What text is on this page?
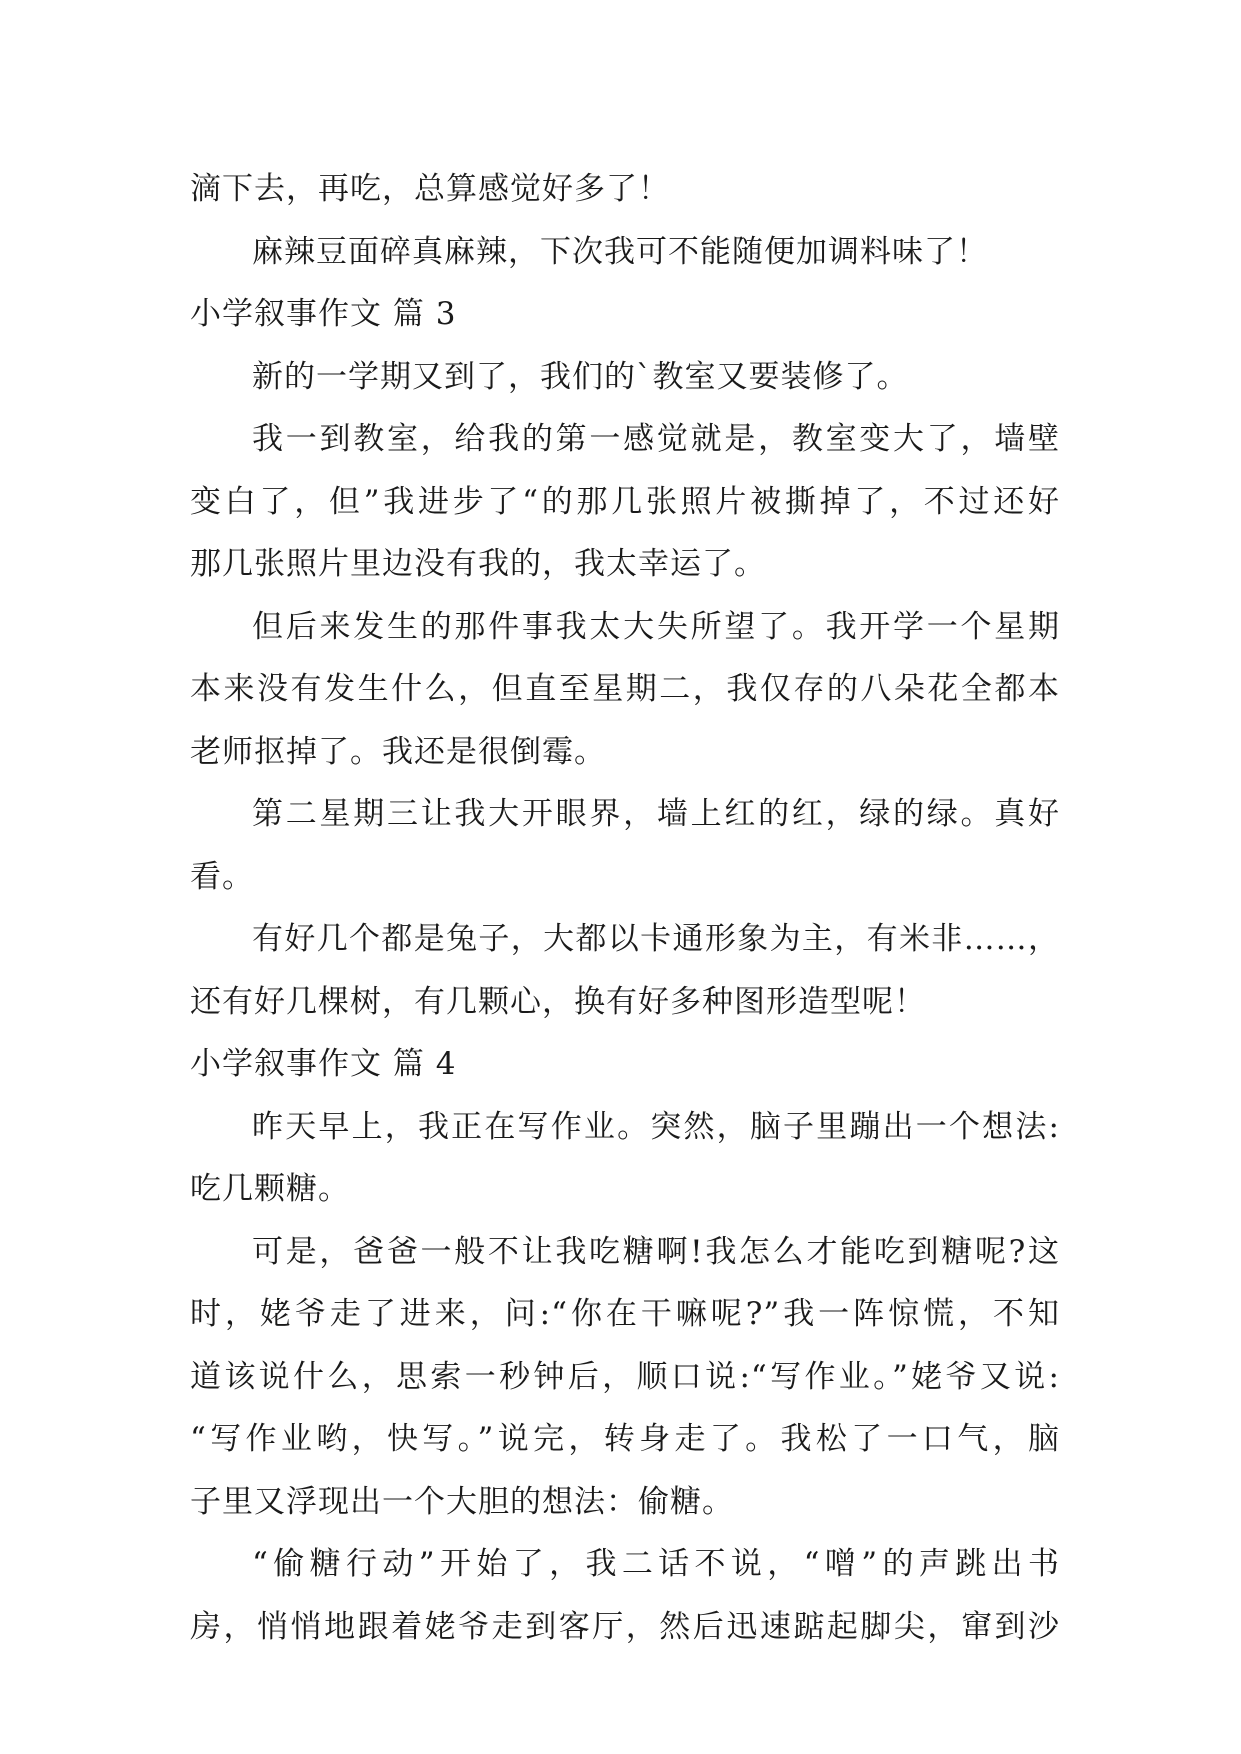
滴下去，再吃，总算感觉好多了！
麻辣豆面碎真麻辣，下次我可不能随便加调料味了！
小学叙事作文 篇 3
新的一学期又到了，我们的`教室又要装修了。
我一到教室，给我的第一感觉就是，教室变大了，墙壁
变白了，但”我进步了“的那几张照片被撕掉了，不过还好
那几张照片里边没有我的，我太幸运了。
但后来发生的那件事我太大失所望了。我开学一个星期
本来没有发生什么，但直至星期二，我仅存的八朵花全都本
老师抠掉了。我还是很倒霉。
第二星期三让我大开眼界，墙上红的红，绿的绿。真好
看。
有好几个都是兔子，大都以卡通形象为主，有米非……，
还有好几棵树，有几颗心，换有好多种图形造型呢！
小学叙事作文 篇 4
昨天早上，我正在写作业。突然，脑子里蹦出一个想法:
吃几颗糖。
可是，爸爸一般不让我吃糖啊!我怎么才能吃到糖呢?这
时，姥爷走了进来，问:“你在干嘛呢?”我一阵惊慌，不知
道该说什么，思索一秒钟后，顺口说:“写作业。”姥爷又说:
“写作业哟，快写。”说完，转身走了。我松了一口气，脑
子里又浮现出一个大胆的想法：偷糖。
“偷糖行动”开始了，我二话不说，“噌”的声跳出书
房，悄悄地跟着姥爷走到客厅，然后迅速踮起脚尖，窜到沙
